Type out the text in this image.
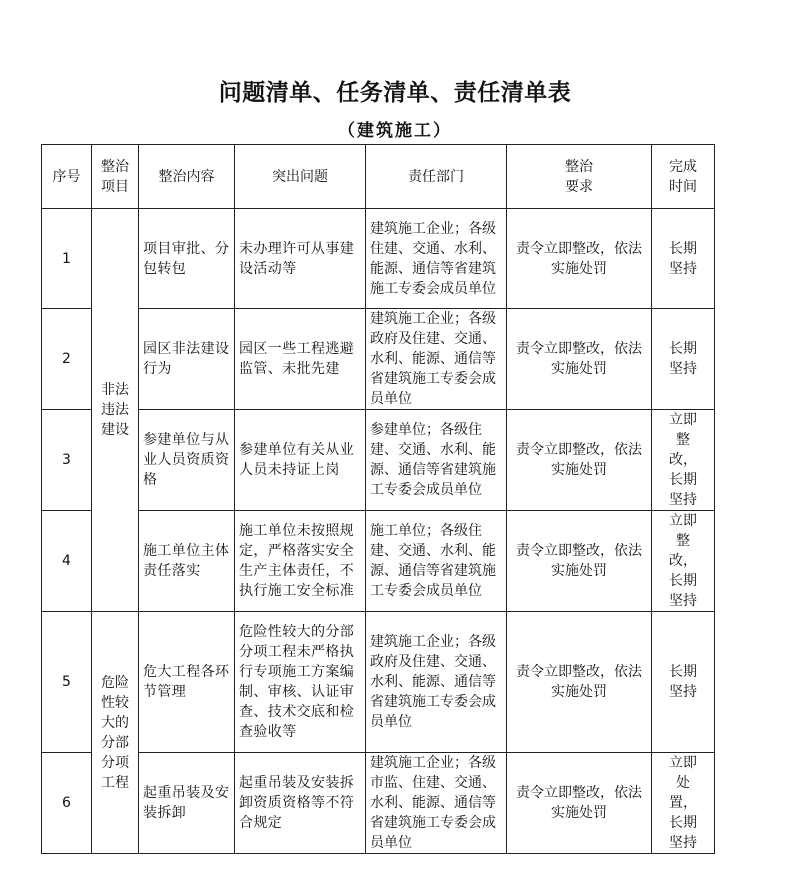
问题清单、任务清单、责任清单表
（建筑施工）
序号	整治项目	整治内容	突出问题	责任部门	整治要求	完成时间
1	非法违法建设	项目审批、分包转包	未办理许可从事建设活动等	建筑施工企业；各级住建、交通、水利、能源、通信等省建筑施工专委会成员单位	责令立即整改，依法实施处罚	长期坚持
2		园区非法建设行为	园区一些工程逃避监管、未批先建	建筑施工企业；各级政府及住建、交通、水利、能源、通信等省建筑施工专委会成员单位	责令立即整改，依法实施处罚	长期坚持
3		参建单位与从业人员资质资格	参建单位有关从业人员未持证上岗	参建单位；各级住建、交通、水利、能源、通信等省建筑施工专委会成员单位	责令立即整改，依法实施处罚	立即整改，长期坚持
4		施工单位主体责任落实	施工单位未按照规定，严格落实安全生产主体责任，不执行施工安全标准	施工单位；各级住建、交通、水利、能源、通信等省建筑施工专委会成员单位	责令立即整改，依法实施处罚	立即整改，长期坚持
5	危险性较大的分部分项工程	危大工程各环节管理	危险性较大的分部分项工程未严格执行专项施工方案编制、审核、认证审查、技术交底和检查验收等	建筑施工企业；各级政府及住建、交通、水利、能源、通信等省建筑施工专委会成员单位	责令立即整改，依法实施处罚	长期坚持
6		起重吊装及安装拆卸	起重吊装及安装拆卸资质资格等不符合规定	建筑施工企业；各级市监、住建、交通、水利、能源、通信等省建筑施工专委会成员单位	责令立即整改，依法实施处罚	立即处置，长期坚持
